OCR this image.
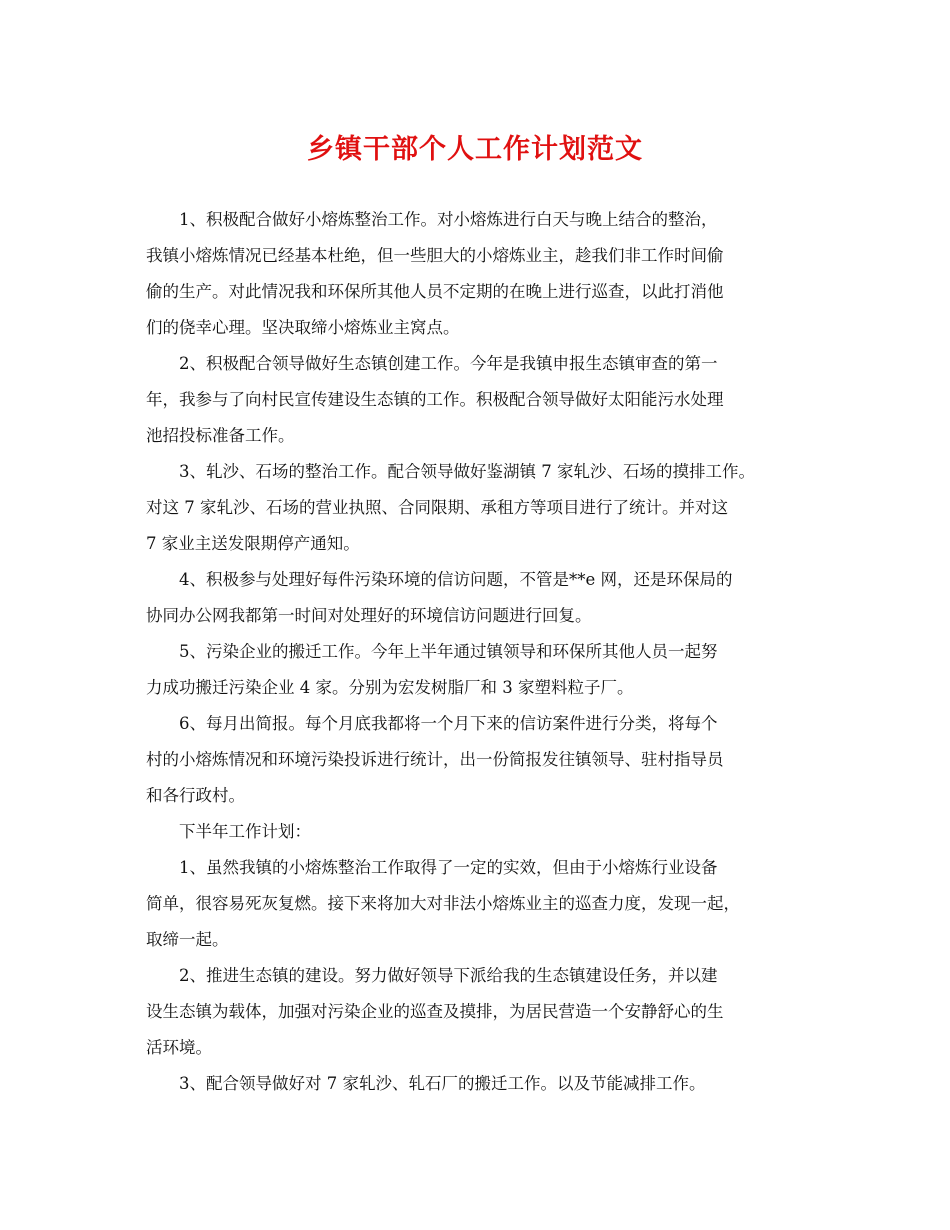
乡镇干部个人工作计划范文
1、积极配合做好小熔炼整治工作。对小熔炼进行白天与晚上结合的整治，
我镇小熔炼情况已经基本杜绝，但一些胆大的小熔炼业主，趁我们非工作时间偷
偷的生产。对此情况我和环保所其他人员不定期的在晚上进行巡查，以此打消他
们的侥幸心理。坚决取缔小熔炼业主窝点。
2、积极配合领导做好生态镇创建工作。今年是我镇申报生态镇审查的第一
年，我参与了向村民宣传建设生态镇的工作。积极配合领导做好太阳能污水处理
池招投标准备工作。
3、轧沙、石场的整治工作。配合领导做好鉴湖镇 7 家轧沙、石场的摸排工作。
对这 7 家轧沙、石场的营业执照、合同限期、承租方等项目进行了统计。并对这
7 家业主送发限期停产通知。
4、积极参与处理好每件污染环境的信访问题，不管是**e 网，还是环保局的
协同办公网我都第一时间对处理好的环境信访问题进行回复。
5、污染企业的搬迁工作。今年上半年通过镇领导和环保所其他人员一起努
力成功搬迁污染企业 4 家。分别为宏发树脂厂和 3 家塑料粒子厂。
6、每月出简报。每个月底我都将一个月下来的信访案件进行分类，将每个
村的小熔炼情况和环境污染投诉进行统计，出一份简报发往镇领导、驻村指导员
和各行政村。
下半年工作计划：
1、虽然我镇的小熔炼整治工作取得了一定的实效，但由于小熔炼行业设备
简单，很容易死灰复燃。接下来将加大对非法小熔炼业主的巡查力度，发现一起，
取缔一起。
2、推进生态镇的建设。努力做好领导下派给我的生态镇建设任务，并以建
设生态镇为载体，加强对污染企业的巡查及摸排，为居民营造一个安静舒心的生
活环境。
3、配合领导做好对 7 家轧沙、轧石厂的搬迁工作。以及节能减排工作。
